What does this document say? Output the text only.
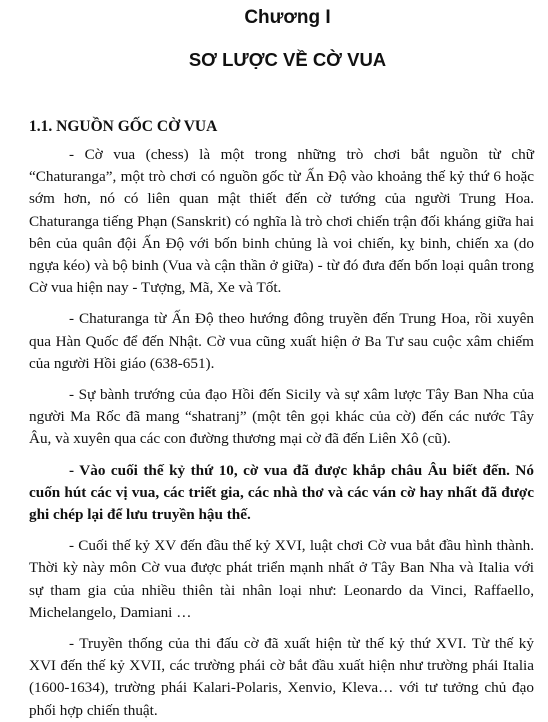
Chương I
SƠ LƯỢC VỀ CỜ VUA
1.1. NGUỒN GỐC CỜ VUA

- Cờ vua (chess) là một trong những trò chơi bắt nguồn từ chữ “Chaturanga”, một trò chơi có nguồn gốc từ Ấn Độ vào khoảng thế kỷ thứ 6 hoặc sớm hơn, nó có liên quan mật thiết đến cờ tướng của người Trung Hoa. Chaturanga tiếng Phạn (Sanskrit) có nghĩa là trò chơi chiến trận đối kháng giữa hai bên của quân đội Ấn Độ với bốn binh chủng là voi chiến, kỵ binh, chiến xa (do ngựa kéo) và bộ binh (Vua và cận thần ở giữa) - từ đó đưa đến bốn loại quân trong Cờ vua hiện nay - Tượng, Mã, Xe và Tốt.

- Chaturanga từ Ấn Độ theo hướng đông truyền đến Trung Hoa, rồi xuyên qua Hàn Quốc để đến Nhật. Cờ vua cũng xuất hiện ở Ba Tư sau cuộc xâm chiếm của người Hồi giáo (638-651).

- Sự bành trướng của đạo Hồi đến Sicily và sự xâm lược Tây Ban Nha của người Ma Rốc đã mang “shatranj” (một tên gọi khác của cờ) đến các nước Tây Âu, và xuyên qua các con đường thương mại cờ đã đến Liên Xô (cũ).

- Vào cuối thế kỷ thứ 10, cờ vua đã được khắp châu Âu biết đến. Nó cuốn hút các vị vua, các triết gia, các nhà thơ và các ván cờ hay nhất đã được ghi chép lại để lưu truyền hậu thế.

- Cuối thế kỷ XV đến đầu thế kỷ XVI, luật chơi Cờ vua bắt đầu hình thành. Thời kỳ này môn Cờ vua được phát triển mạnh nhất ở Tây Ban Nha và Italia với sự tham gia của nhiều thiên tài nhân loại như: Leonardo da Vinci, Raffaello, Michelangelo, Damiani …

- Truyền thống của thi đấu cờ đã xuất hiện từ thế kỷ thứ XVI. Từ thế kỷ XVI đến thế kỷ XVII, các trường phái cờ bắt đầu xuất hiện như trường phái Italia (1600-1634), trường phái Kalari-Polaris, Xenvio, Kleva… với tư tưởng chủ đạo phối hợp chiến thuật.
